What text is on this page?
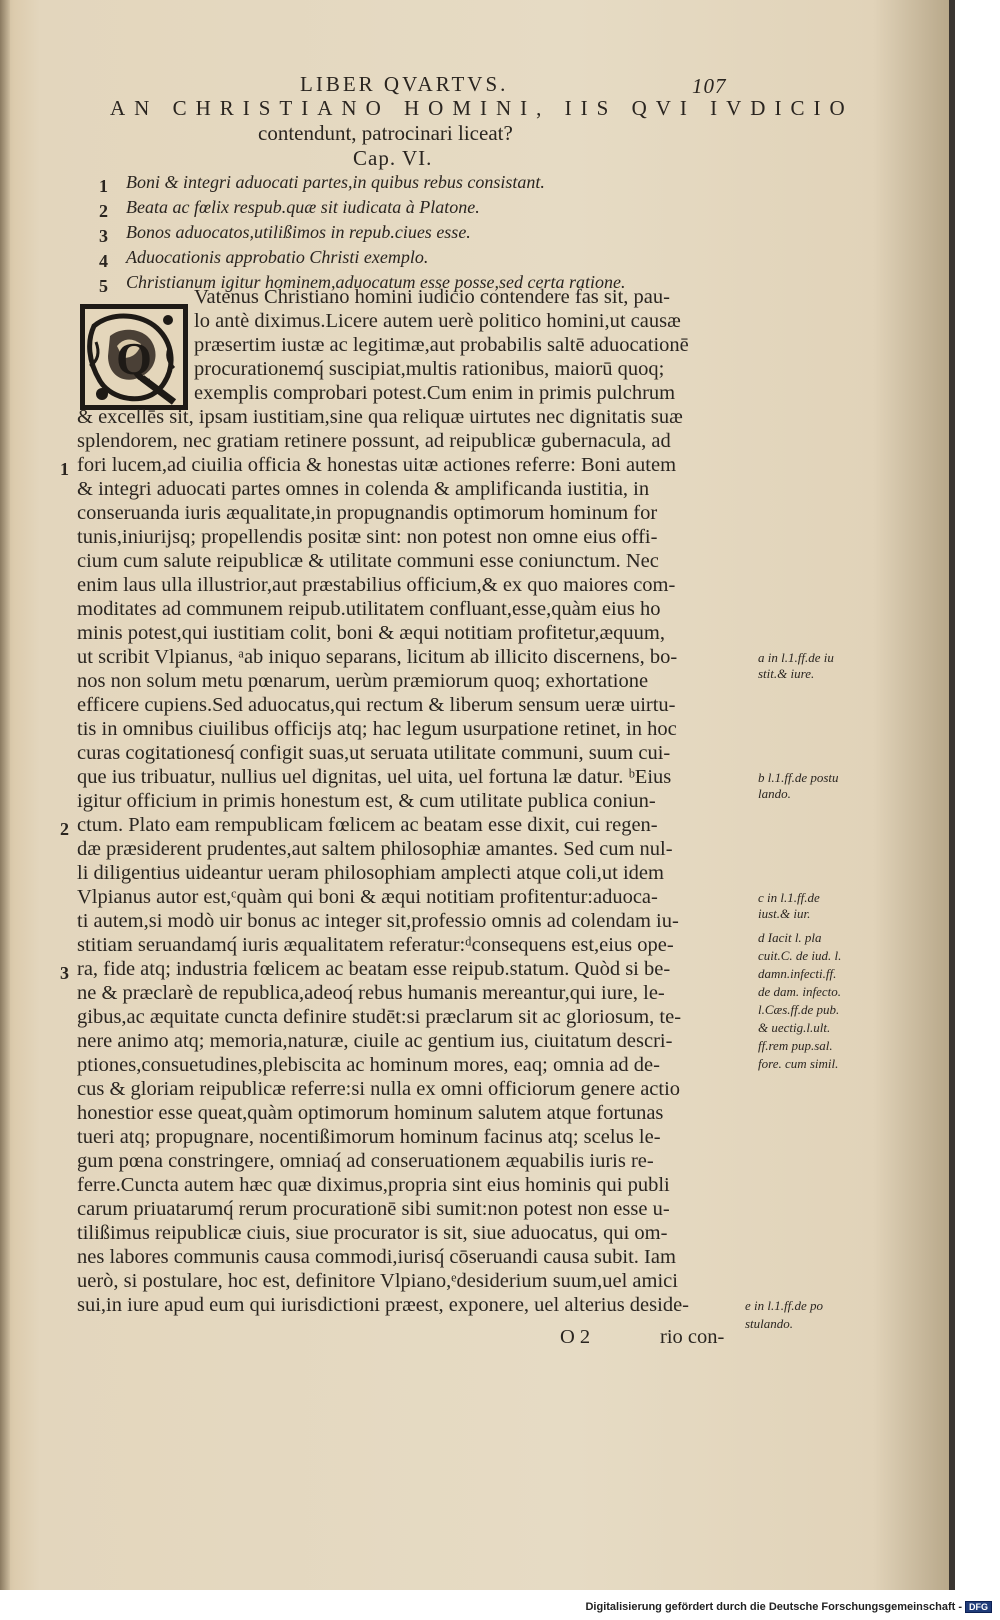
LIBER QVARTVS.	107
AN CHRISTIANO HOMINI, IIS QVI IVDICIO
contendunt, patrocinari liceat?
Cap. VI.
1 Boni & integri aduocati partes,in quibus rebus consistant.
2 Beata ac fœlix respub.quæ sit iudicata à Platone.
3 Bonos aduocatos,utilißimos in repub.ciues esse.
4 Aduocationis approbatio Christi exemplo.
5 Christianum igitur hominem,aduocatum esse posse,sed certa ratione.
Q
Vatenus Christiano homini iudicio contendere fas sit, pau-
lo antè diximus.Licere autem uerè politico homini,ut causæ
præsertim iustæ ac legitimæ,aut probabilis saltē aduocationē
procurationemq́ suscipiat,multis rationibus, maiorū quoq;
exemplis comprobari potest.Cum enim in primis pulchrum
& excellēs sit, ipsam iustitiam,sine qua reliquæ uirtutes nec dignitatis suæ
splendorem, nec gratiam retinere possunt, ad reipublicæ gubernacula, ad
fori lucem,ad ciuilia officia & honestas uitæ actiones referre: Boni autem
& integri aduocati partes omnes in colenda & amplificanda iustitia, in
conseruanda iuris æqualitate,in propugnandis optimorum hominum for
tunis,iniurijsq; propellendis positæ sint: non potest non omne eius offi-
cium cum salute reipublicæ & utilitate communi esse coniunctum. Nec
enim laus ulla illustrior,aut præstabilius officium,& ex quo maiores com-
moditates ad communem reipub.utilitatem confluant,esse,quàm eius ho
minis potest,qui iustitiam colit, boni & æqui notitiam profitetur,æquum,
ut scribit Vlpianus, ᵃab iniquo separans, licitum ab illicito discernens, bo-
nos non solum metu pœnarum, uerùm præmiorum quoq; exhortatione
efficere cupiens.Sed aduocatus,qui rectum & liberum sensum ueræ uirtu-
tis in omnibus ciuilibus officijs atq; hac legum usurpatione retinet, in hoc
curas cogitationesq́ configit suas,ut seruata utilitate communi, suum cui-
que ius tribuatur, nullius uel dignitas, uel uita, uel fortuna læ datur. ᵇEius
igitur officium in primis honestum est, & cum utilitate publica coniun-
ctum. Plato eam rempublicam fœlicem ac beatam esse dixit, cui regen-
dæ præsiderent prudentes,aut saltem philosophiæ amantes. Sed cum nul-
li diligentius uideantur ueram philosophiam amplecti atque coli,ut idem
Vlpianus autor est,ᶜquàm qui boni & æqui notitiam profitentur:aduoca-
ti autem,si modò uir bonus ac integer sit,professio omnis ad colendam iu-
stitiam seruandamq́ iuris æqualitatem referatur:ᵈconsequens est,eius ope-
ra, fide atq; industria fœlicem ac beatam esse reipub.statum. Quòd si be-
ne & præclarè de republica,adeoq́ rebus humanis mereantur,qui iure, le-
gibus,ac æquitate cuncta definire studēt:si præclarum sit ac gloriosum, te-
nere animo atq; memoria,naturæ, ciuile ac gentium ius, ciuitatum descri-
ptiones,consuetudines,plebiscita ac hominum mores, eaq; omnia ad de-
cus & gloriam reipublicæ referre:si nulla ex omni officiorum genere actio
honestior esse queat,quàm optimorum hominum salutem atque fortunas
tueri atq; propugnare, nocentißimorum hominum facinus atq; scelus le-
gum pœna constringere, omniaq́ ad conseruationem æquabilis iuris re-
ferre.Cuncta autem hæc quæ diximus,propria sint eius hominis qui publi
carum priuatarumq́ rerum procurationē sibi sumit:non potest non esse u-
tilißimus reipublicæ ciuis, siue procurator is sit, siue aduocatus, qui om-
nes labores communis causa commodi,iurisq́ cōseruandi causa subit. Iam
uerò, si postulare, hoc est, definitore Vlpiano,ᵉdesiderium suum,uel amici
sui,in iure apud eum qui iurisdictioni præest, exponere, uel alterius deside-
1
2
3
a in l.1.ff.de iu
stit.& iure.
b l.1.ff.de postu
lando.
c in l.1.ff.de
iust.& iur.
d Iacit l. pla
cuit.C. de iud. l.
damn.infecti.ff.
de dam. infecto.
l.Cæs.ff.de pub.
& uectig.l.ult.
ff.rem pup.sal.
fore. cum simil.
e in l.1.ff.de po
stulando.
O 2	rio con-
Digitalisierung gefördert durch die Deutsche Forschungsgemeinschaft - DFG
